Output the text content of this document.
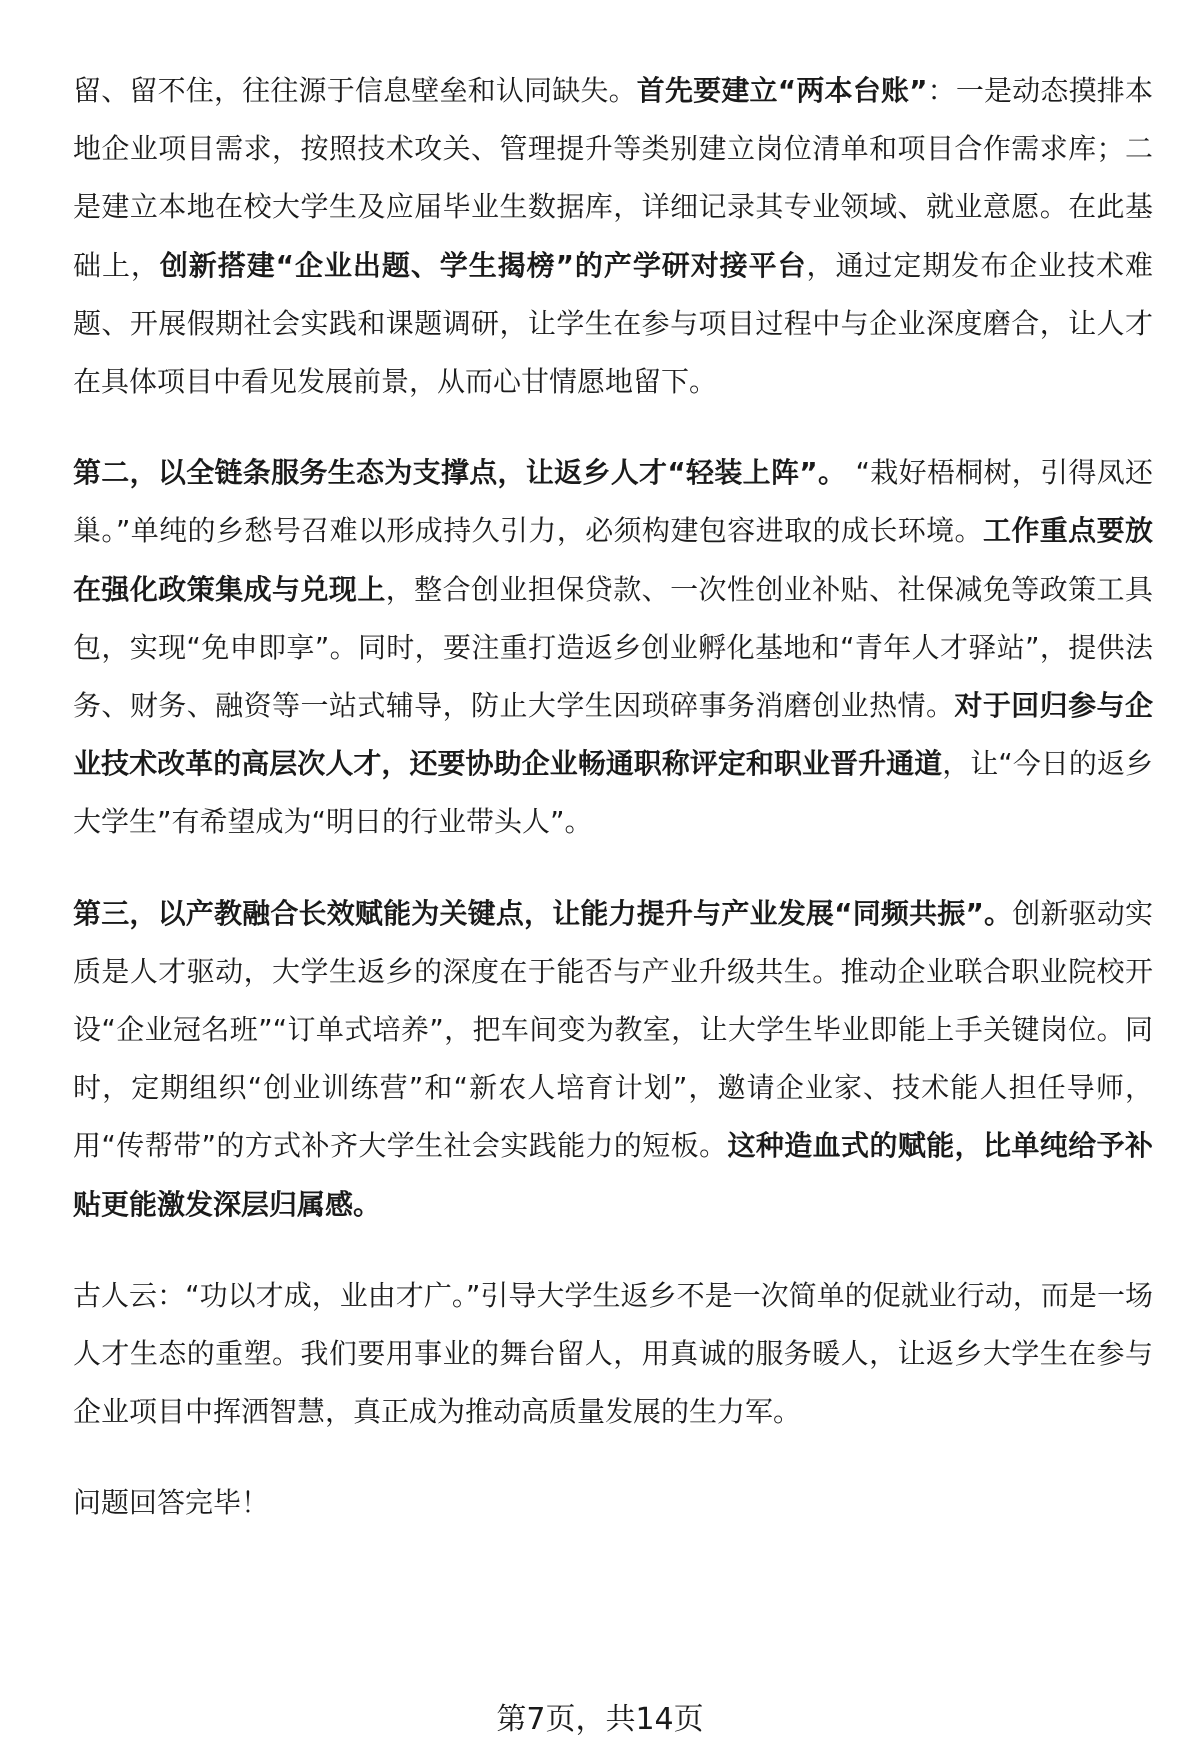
留、留不住，往往源于信息壁垒和认同缺失。首先要建立“两本台账”：一是动态摸排本地企业项目需求，按照技术攻关、管理提升等类别建立岗位清单和项目合作需求库；二是建立本地在校大学生及应届毕业生数据库，详细记录其专业领域、就业意愿。在此基础上，创新搭建“企业出题、学生揭榜”的产学研对接平台，通过定期发布企业技术难题、开展假期社会实践和课题调研，让学生在参与项目过程中与企业深度磨合，让人才在具体项目中看见发展前景，从而心甘情愿地留下。

第二，以全链条服务生态为支撑点，让返乡人才“轻装上阵”。 “栽好梧桐树，引得凤还巢。”单纯的乡愁号召难以形成持久引力，必须构建包容进取的成长环境。工作重点要放在强化政策集成与兑现上，整合创业担保贷款、一次性创业补贴、社保减免等政策工具包，实现“免申即享”。同时，要注重打造返乡创业孵化基地和“青年人才驿站”，提供法务、财务、融资等一站式辅导，防止大学生因琐碎事务消磨创业热情。对于回归参与企业技术改革的高层次人才，还要协助企业畅通职称评定和职业晋升通道，让“今日的返乡大学生”有希望成为“明日的行业带头人”。

第三，以产教融合长效赋能为关键点，让能力提升与产业发展“同频共振”。创新驱动实质是人才驱动，大学生返乡的深度在于能否与产业升级共生。推动企业联合职业院校开设“企业冠名班”“订单式培养”，把车间变为教室，让大学生毕业即能上手关键岗位。同时，定期组织“创业训练营”和“新农人培育计划”，邀请企业家、技术能人担任导师，用“传帮带”的方式补齐大学生社会实践能力的短板。这种造血式的赋能，比单纯给予补贴更能激发深层归属感。

古人云：“功以才成，业由才广。”引导大学生返乡不是一次简单的促就业行动，而是一场人才生态的重塑。我们要用事业的舞台留人，用真诚的服务暖人，让返乡大学生在参与企业项目中挥洒智慧，真正成为推动高质量发展的生力军。

问题回答完毕！

第7页，共14页
